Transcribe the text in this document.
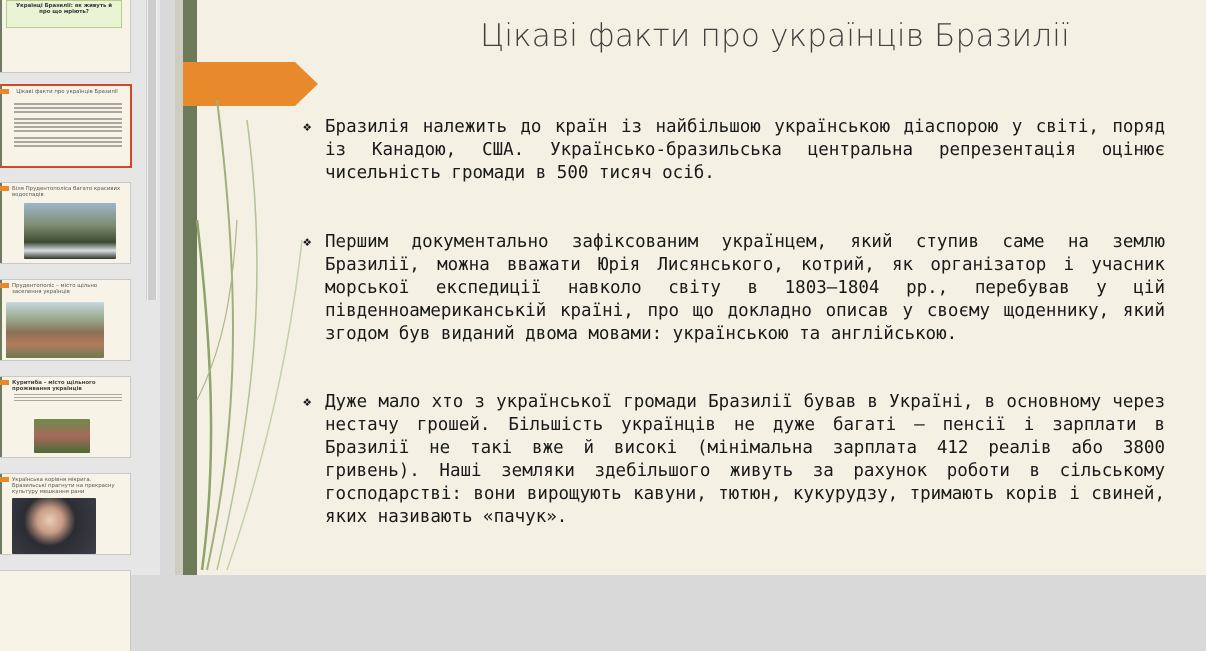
Українці Бразилії: як живуть й про що мріють?
Цікаві факти про українців Бразилії
Біля Прудентополіса багато красивих водоспадів
Прудентополіс – місто щільно заселення українців
Куритиба – місто щільного проживання українців
Українська корівня мікрига. Бразильські прагнути на прекрасну культуру мешкання рани
Цікаві факти про українців Бразилії
❖ Бразилія належить до країн із найбільшою українською діаспорою у світі, поряд із Канадою, США. Українсько-бразильська центральна репрезентація оцінює чисельність громади в 500 тисяч осіб.
❖ Першим документально зафіксованим українцем, який ступив саме на землю Бразилії, можна вважати Юрія Лисянського, котрий, як організатор і учасник морської експедиції навколо світу в 1803–1804 рр., перебував у цій південноамериканській країні, про що докладно описав у своєму щоденнику, який згодом був виданий двома мовами: українською та англійською.
❖ Дуже мало хто з української громади Бразилії бував в Україні, в основному через нестачу грошей. Більшість українців не дуже багаті – пенсії і зарплати в Бразилії не такі вже й високі (мінімальна зарплата 412 реалів або 3800 гривень). Наші земляки здебільшого живуть за рахунок роботи в сільському господарстві: вони вирощують кавуни, тютюн, кукурудзу, тримають корів і свиней, яких називають «пачук».
